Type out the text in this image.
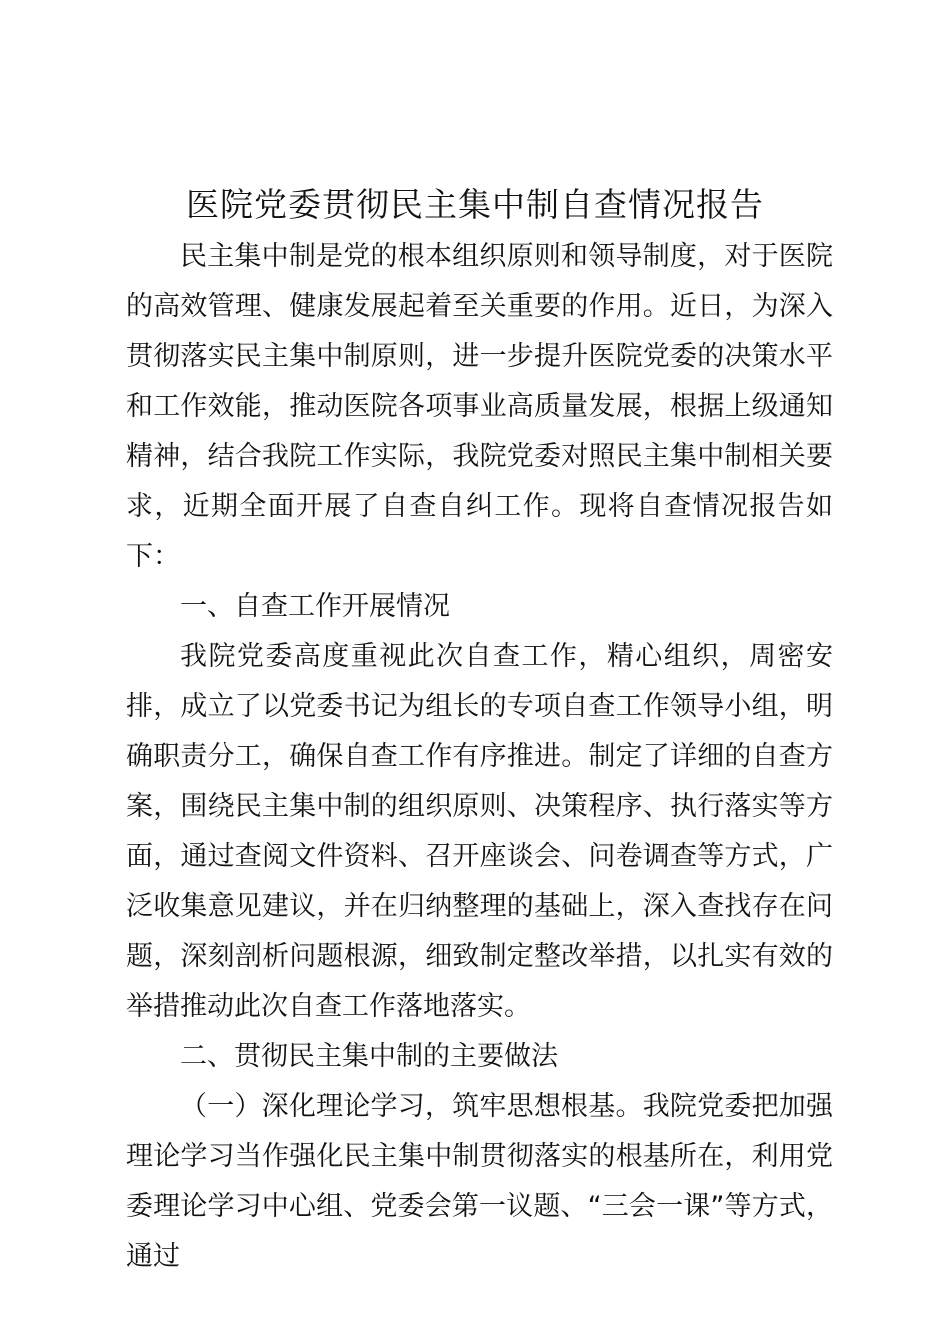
医院党委贯彻民主集中制自查情况报告

民主集中制是党的根本组织原则和领导制度，对于医院的高效管理、健康发展起着至关重要的作用。近日，为深入贯彻落实民主集中制原则，进一步提升医院党委的决策水平和工作效能，推动医院各项事业高质量发展，根据上级通知精神，结合我院工作实际，我院党委对照民主集中制相关要求，近期全面开展了自查自纠工作。现将自查情况报告如下：

一、自查工作开展情况

我院党委高度重视此次自查工作，精心组织，周密安排，成立了以党委书记为组长的专项自查工作领导小组，明确职责分工，确保自查工作有序推进。制定了详细的自查方案，围绕民主集中制的组织原则、决策程序、执行落实等方面，通过查阅文件资料、召开座谈会、问卷调查等方式，广泛收集意见建议，并在归纳整理的基础上，深入查找存在问题，深刻剖析问题根源，细致制定整改举措，以扎实有效的举措推动此次自查工作落地落实。

二、贯彻民主集中制的主要做法

（一）深化理论学习，筑牢思想根基。我院党委把加强理论学习当作强化民主集中制贯彻落实的根基所在，利用党委理论学习中心组、党委会第一议题、“三会一课”等方式，通过
